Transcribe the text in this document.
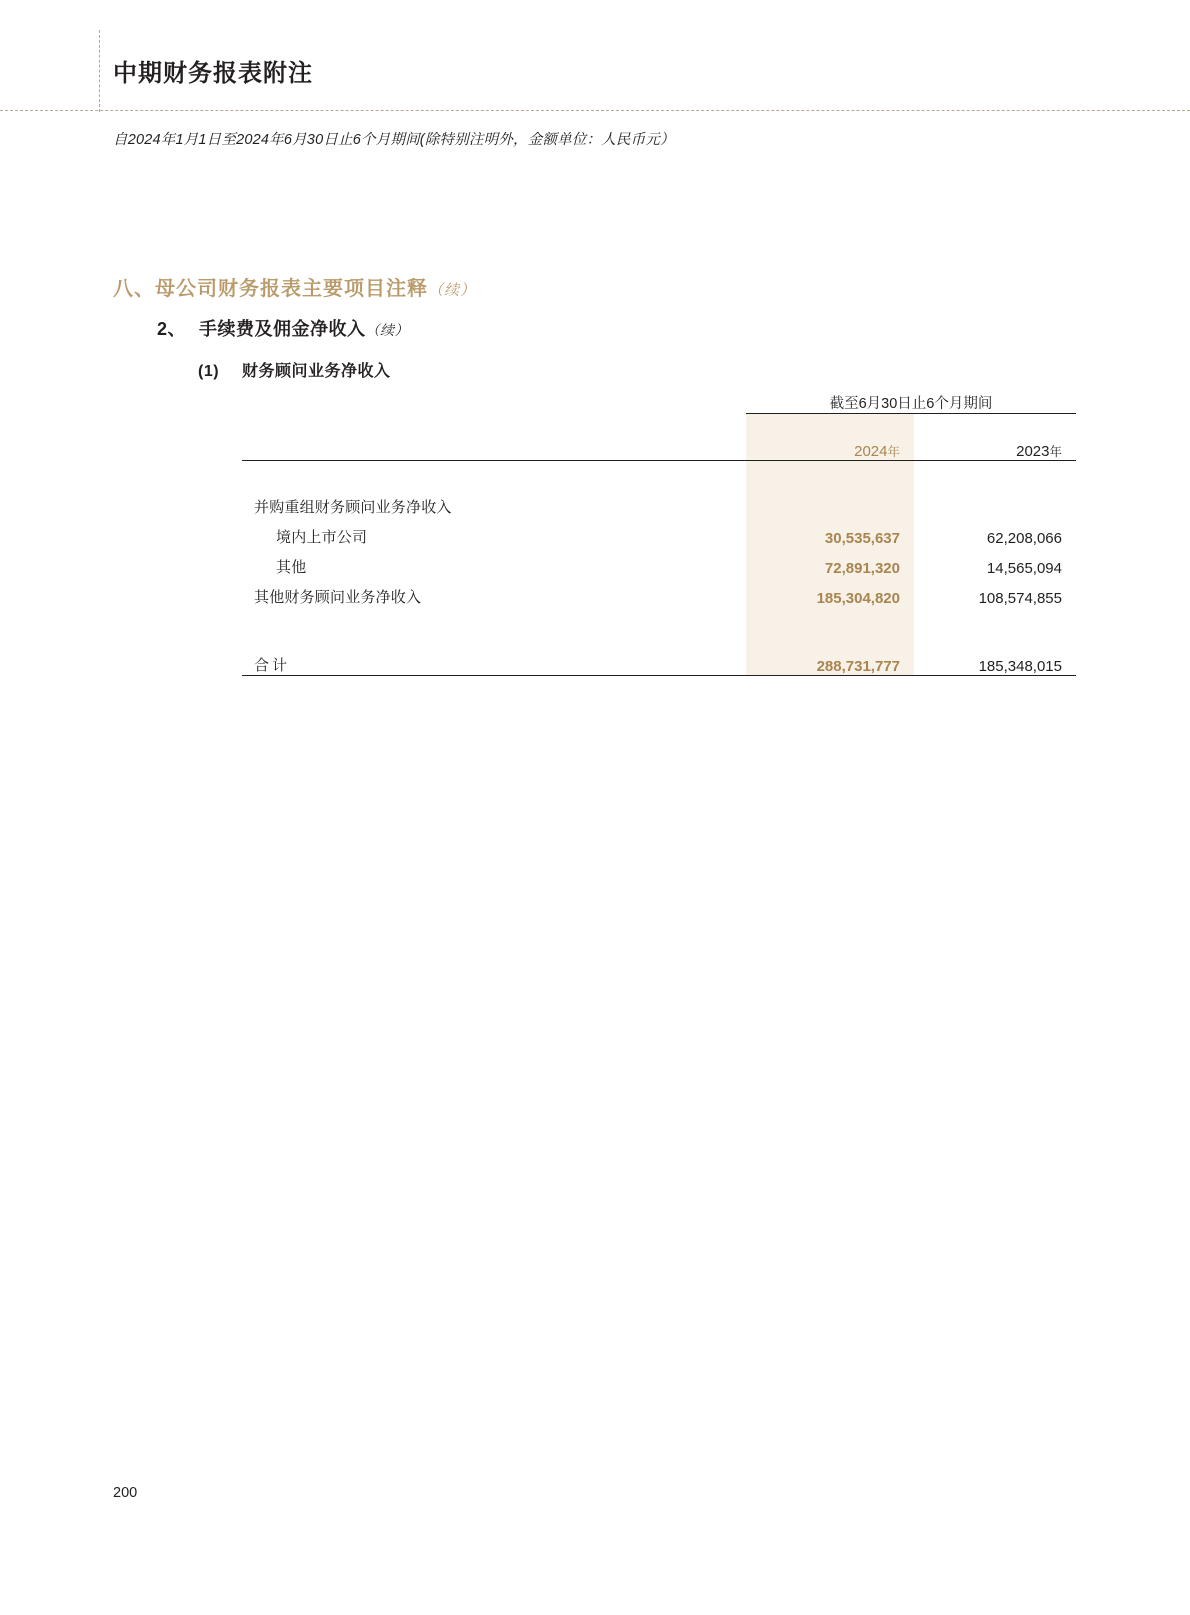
中期财务报表附注
自2024年1月1日至2024年6月30日止6个月期间(除特别注明外，金额单位：人民币元）
八、母公司财务报表主要项目注释（续）
2、 手续费及佣金净收入（续）
(1) 财务顾问业务净收入
	截至6月30日止6个月期间	
	2024年	2023年

并购重组财务顾问业务净收入		
境内上市公司	30,535,637	62,208,066
其他	72,891,320	14,565,094
其他财务顾问业务净收入	185,304,820	108,574,855

合计	288,731,777	185,348,015

200
